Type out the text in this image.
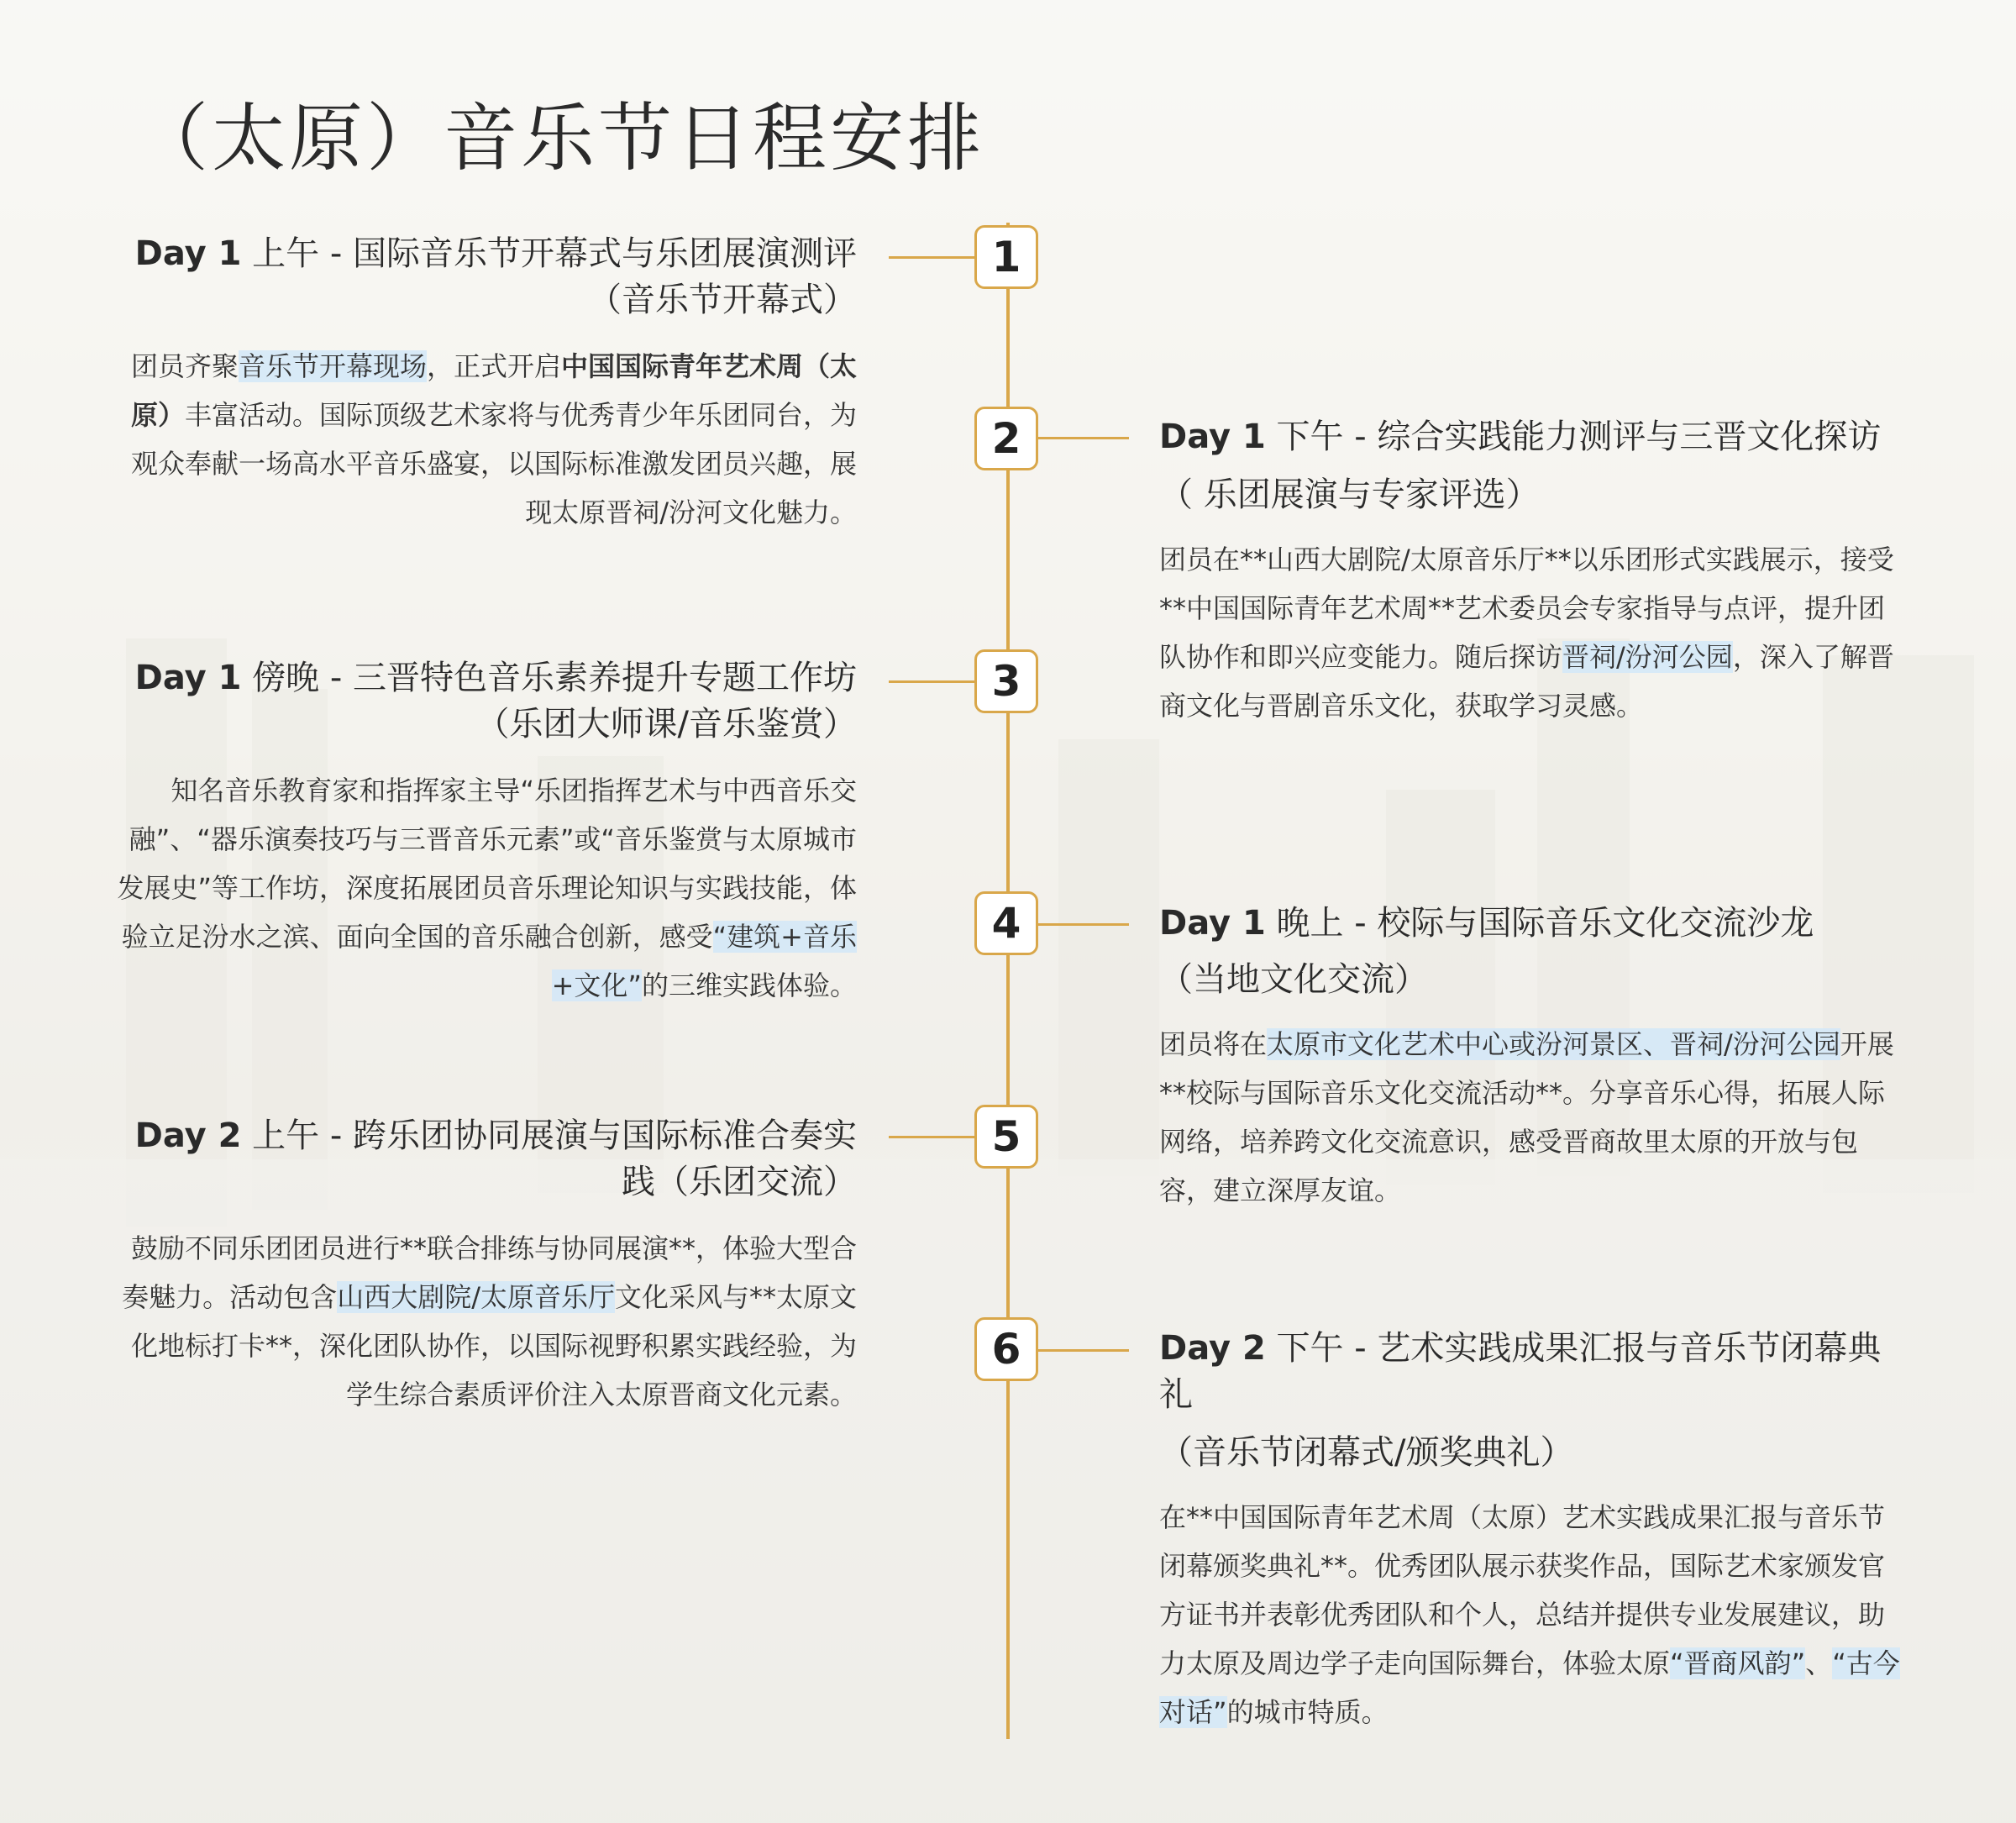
（太原）音乐节日程安排
1
2
3
4
5
6
Day 1 上午 - 国际音乐节开幕式与乐团展演测评（音乐节开幕式）

团员齐聚音乐节开幕现场，正式开启中国国际青年艺术周（太原）丰富活动。国际顶级艺术家将与优秀青少年乐团同台，为观众奉献一场高水平音乐盛宴，以国际标准激发团员兴趣，展现太原晋祠/汾河文化魅力。

Day 1 下午 - 综合实践能力测评与三晋文化探访
（ 乐团展演与专家评选）

团员在**山西大剧院/太原音乐厅**以乐团形式实践展示，接受**中国国际青年艺术周**艺术委员会专家指导与点评，提升团队协作和即兴应变能力。随后探访晋祠/汾河公园，深入了解晋商文化与晋剧音乐文化，获取学习灵感。

Day 1 傍晚 - 三晋特色音乐素养提升专题工作坊（乐团大师课/音乐鉴赏）

知名音乐教育家和指挥家主导“乐团指挥艺术与中西音乐交融”、“器乐演奏技巧与三晋音乐元素”或“音乐鉴赏与太原城市发展史”等工作坊，深度拓展团员音乐理论知识与实践技能，体验立足汾水之滨、面向全国的音乐融合创新，感受“建筑+音乐+文化”的三维实践体验。

Day 1 晚上 - 校际与国际音乐文化交流沙龙
（当地文化交流）

团员将在太原市文化艺术中心或汾河景区、晋祠/汾河公园开展**校际与国际音乐文化交流活动**。分享音乐心得，拓展人际网络，培养跨文化交流意识，感受晋商故里太原的开放与包容，建立深厚友谊。

Day 2 上午 - 跨乐团协同展演与国际标准合奏实践（乐团交流）

鼓励不同乐团团员进行**联合排练与协同展演**，体验大型合奏魅力。活动包含山西大剧院/太原音乐厅文化采风与**太原文化地标打卡**，深化团队协作，以国际视野积累实践经验，为学生综合素质评价注入太原晋商文化元素。

Day 2 下午 - 艺术实践成果汇报与音乐节闭幕典礼
（音乐节闭幕式/颁奖典礼）

在**中国国际青年艺术周（太原）艺术实践成果汇报与音乐节闭幕颁奖典礼**。优秀团队展示获奖作品，国际艺术家颁发官方证书并表彰优秀团队和个人，总结并提供专业发展建议，助力太原及周边学子走向国际舞台，体验太原“晋商风韵”、“古今对话”的城市特质。
